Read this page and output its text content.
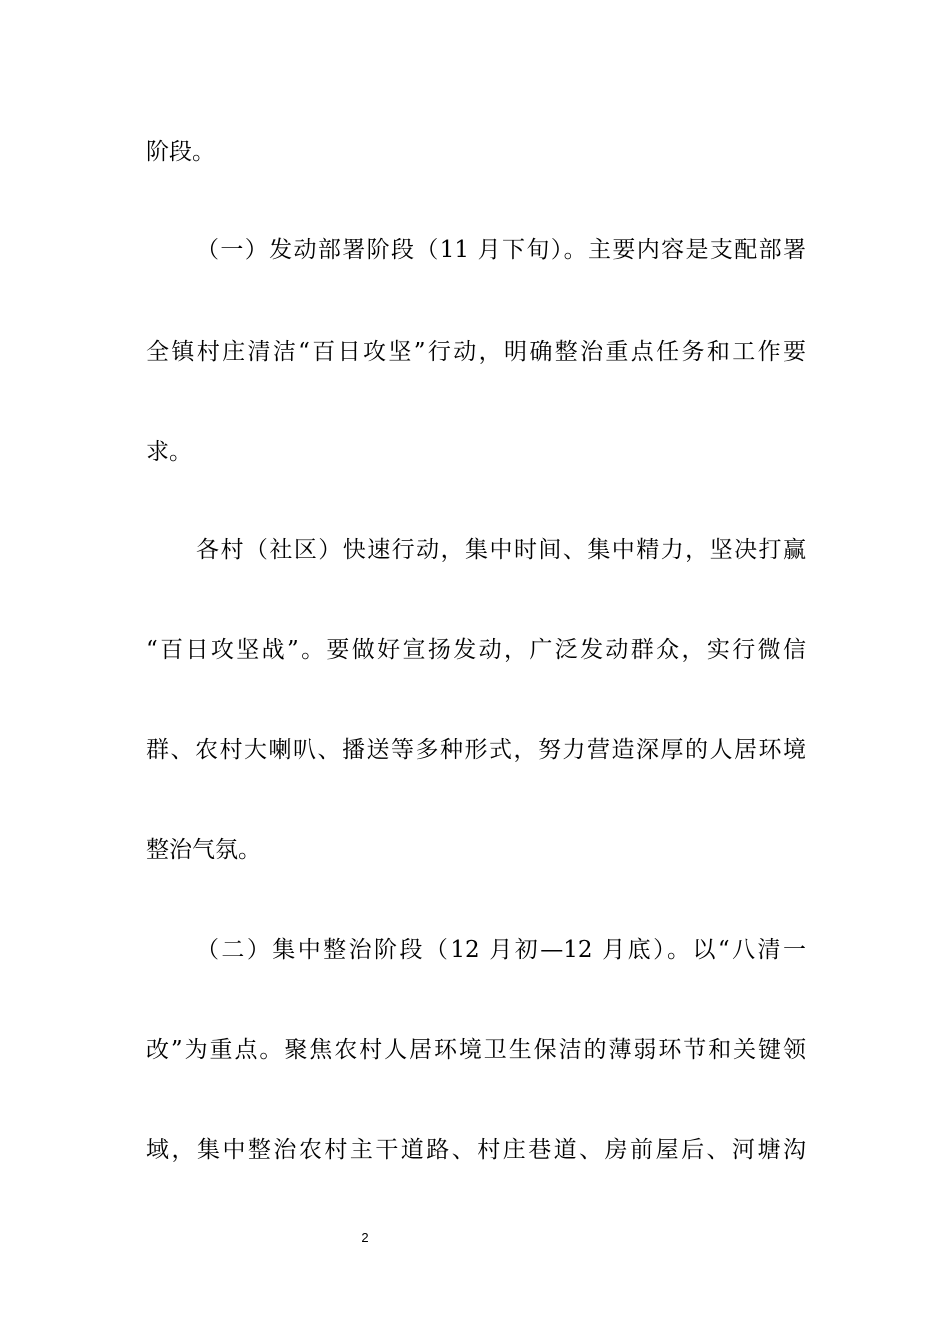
阶段。
（一）发动部署阶段（11 月下旬）。主要内容是支配部署
全镇村庄清洁“百日攻坚”行动，明确整治重点任务和工作要
求。
各村（社区）快速行动，集中时间、集中精力，坚决打赢
“百日攻坚战”。要做好宣扬发动，广泛发动群众，实行微信
群、农村大喇叭、播送等多种形式，努力营造深厚的人居环境
整治气氛。
（二）集中整治阶段（12 月初—12 月底）。以“八清一
改”为重点。聚焦农村人居环境卫生保洁的薄弱环节和关键领
域，集中整治农村主干道路、村庄巷道、房前屋后、河塘沟
2
